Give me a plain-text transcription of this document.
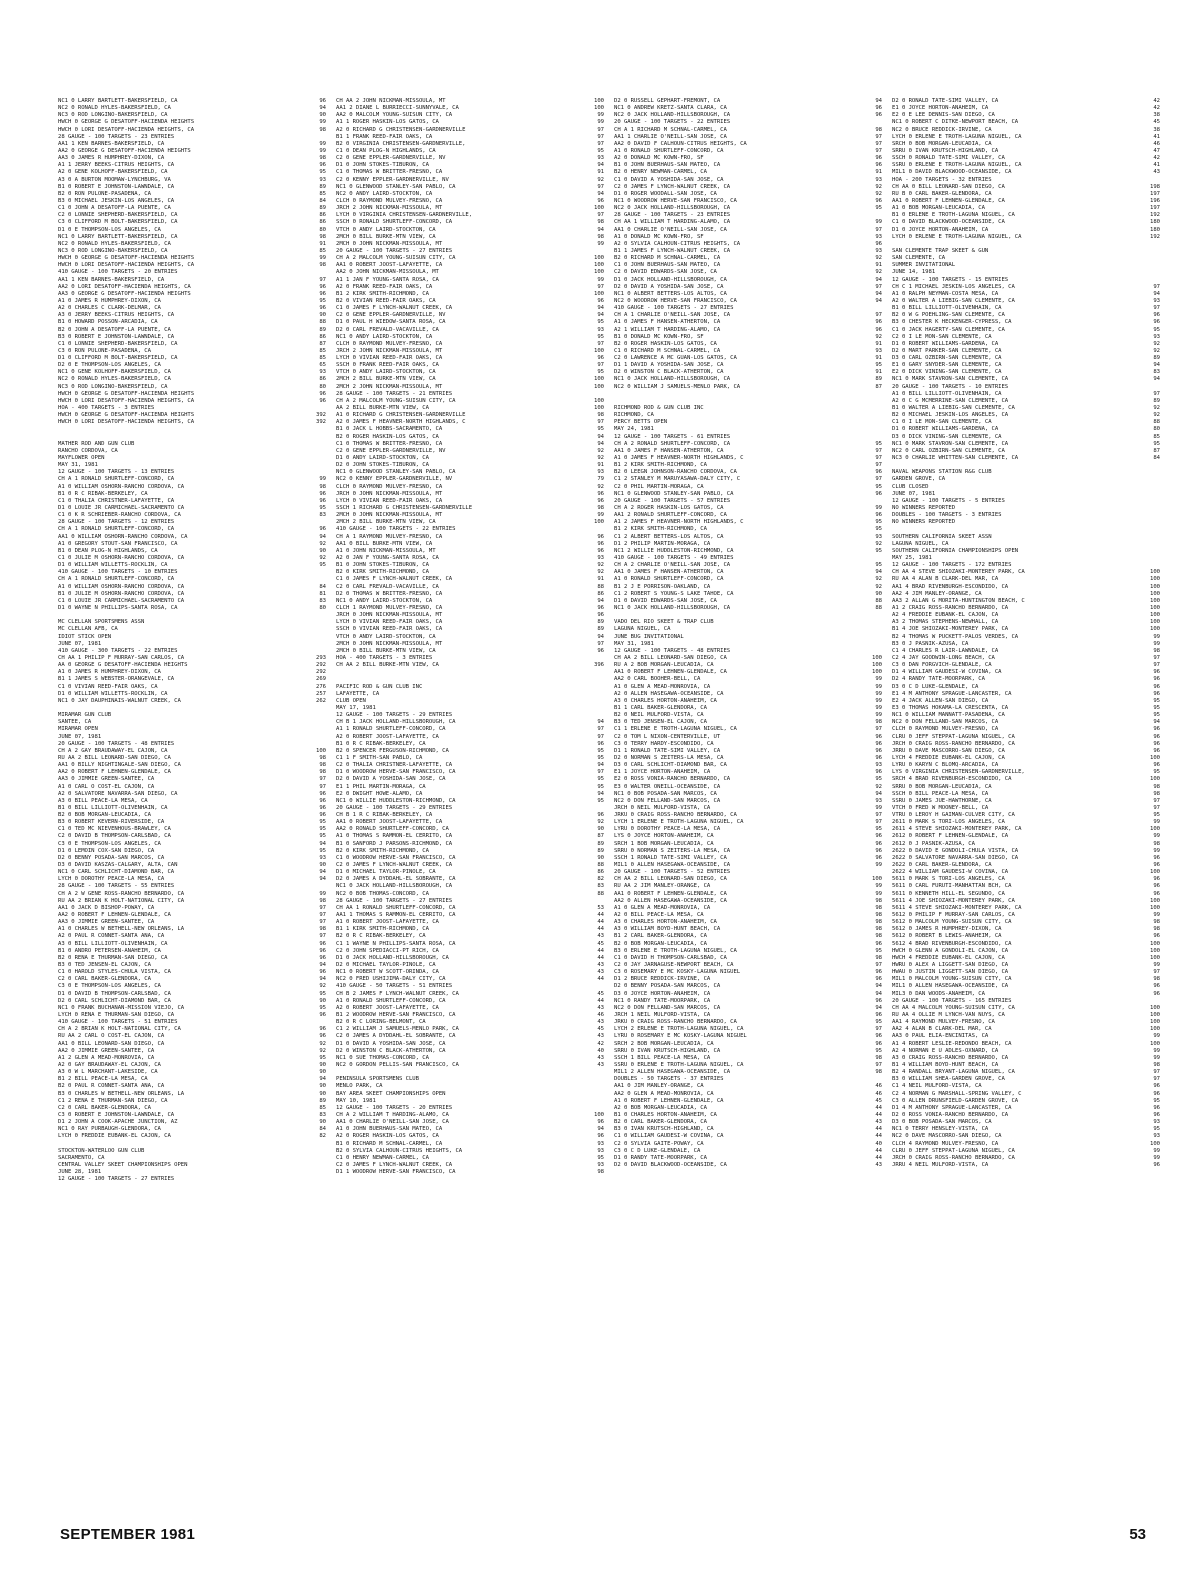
NC1 0 LARRY BARTLETT-BAKERSFIELD, CA	96
NC2 0 RONALD HYLES-BAKERSFIELD, CA	94
NC3 0 ROD LONGINO-BAKERSFIELD, CA	90
HWCH 0 GEORGE G DESATOFF-HACIENDA HEIGHTS	99
HWCH 0 LORI DESATOFF-HACIENDA HEIGHTS, CA	98
28 GAUGE - 100 TARGETS - 23 ENTRIES
AA1 1 KEN BARNES-BAKERSFIELD, CA	99
AA2 0 GEORGE G DESATOFF-HACIENDA HEIGHTS	99
AA3 0 JAMES R HUMPHREY-DIXON, CA	98
A1 1 JERRY BEEKS-CITRUS HEIGHTS, CA	96
A2 0 GENE KOLHOFF-BAKERSFIELD, CA	95
A3 0 A BURTON MOOMAW-LYNCHBURG, VA	93
B1 0 ROBERT E JOHNSTON-LAWNDALE, CA	89
B2 0 RON PULONE-PASADENA, CA	85
B3 0 MICHAEL JESKIN-LOS ANGELES, CA	84
C1 0 JOHN A DESATOFF-LA PUENTE, CA	89
C2 0 LONNIE SHEPHERD-BAKERSFIELD, CA	86
C3 0 CLIFFORD M BOLT-BAKERSFIELD, CA	86
D1 0 E THOMPSON-LOS ANGELES, CA	80
NC1 0 LARRY BARTLETT-BAKERSFIELD, CA	98
NC2 0 RONALD HYLES-BAKERSFIELD, CA	91
NC3 0 ROD LONGINO-BAKERSFIELD, CA	85
HWCH 0 GEORGE G DESATOFF-HACIENDA HEIGHTS	99
HWCH 0 LORI DESATOFF-HACIENDA HEIGHTS, CA	98
410 GAUGE - 100 TARGETS - 20 ENTRIES
AA1 1 KEN BARNES-BAKERSFIELD, CA	97
AA2 0 LORI DESATOFF-HACIENDA HEIGHTS, CA	96
AA3 0 GEORGE G DESATOFF-HACIENDA HEIGHTS	96
A1 0 JAMES R HUMPHREY-DIXON, CA	95
A2 0 CHARLES C CLARK-DELMAR, CA	96
A3 0 JERRY BEEKS-CITRUS HEIGHTS, CA	90
B1 0 HOWARD POSSON-ARCADIA, CA	88
B2 0 JOHN A DESATOFF-LA PUENTE, CA	89
B3 0 ROBERT E JOHNSTON-LAWNDALE, CA	86
C1 0 LONNIE SHEPHERD-BAKERSFIELD, CA	87
C3 0 RON PULONE-PASADENA, CA	85
D1 0 CLIFFORD M BOLT-BAKERSFIELD, CA	85
D2 0 E THOMPSON-LOS ANGELES, CA	65
NC1 0 GENE KOLHOFF-BAKERSFIELD, CA	93
NC2 0 RONALD HYLES-BAKERSFIELD, CA	86
NC3 0 ROD LONGINO-BAKERSFIELD, CA	80
HWCH 0 GEORGE G DESATOFF-HACIENDA HEIGHTS	96
HWCH 0 LORI DESATOFF-HACIENDA HEIGHTS, CA	96
HOA - 400 TARGETS - 3 ENTRIES
HWCH 0 GEORGE G DESATOFF-HACIENDA HEIGHTS	392
HWCH 0 LORI DESATOFF-HACIENDA HEIGHTS, CA	392
MATHER ROD AND GUN CLUB
RANCHO CORDOVA, CA
MAYFLOWER OPEN
MAY 31, 1981
12 GAUGE - 100 TARGETS - 13 ENTRIES
CH A 1 RONALD SHURTLEFF-CONCORD, CA	99
A1 0 WILLIAM OSHORN-RANCHO CORDOVA, CA	98
B1 0 R C RIBAK-BERKELEY, CA	96
C1 0 THALIA CHRISTNER-LAFAYETTE, CA	96
D1 0 LOUIE JR CARMICHAEL-SACRAMENTO CA	95
C1 0 K R SCHRIEBER-RANCHO CORDOVA, CA	83
28 GAUGE - 100 TARGETS - 12 ENTRIES
CH A 1 RONALD SHURTLEFF-CONCORD, CA	96
AA1 0 WILLIAM OSHORN-RANCHO CORDOVA, CA	94
A1 0 GREGORY STOUT-SAN FRANCISCO, CA	92
B1 0 DEAN PLOG-N HIGHLANDS, CA	90
C1 0 JULIE M OSHORN-RANCHO CORDOVA, CA	92
D1 0 WILLIAM WILLETTS-ROCKLIN, CA	95
410 GAUGE - 100 TARGETS - 10 ENTRIES
CH A 1 RONALD SHURTLEFF-CONCORD, CA
A1 0 WILLIAM OSHORN-RANCHO CORDOVA, CA	84
B1 0 JULIE M OSHORN-RANCHO CORDOVA, CA	81
C1 0 LOUIE JR CARMICHAEL-SACRAMENTO CA	83
D1 0 WAYNE N PHILLIPS-SANTA ROSA, CA	80
MC CLELLAN SPORTSMENS ASSN
MC CLELLAN AFB, CA
IDIOT STICK OPEN
JUNE 07, 1981
410 GAUGE - 300 TARGETS - 22 ENTRIES
CH AA 1 PHILIP F MURRAY-SAN CARLOS, CA	293
AA 0 GEORGE G DESATOFF-HACIENDA HEIGHTS	292
A1 0 JAMES R HUMPHREY-DIXON, CA	292
B1 1 JAMES S WEBSTER-ORANGEVALE, CA	269
C1 0 VIVIAN REED-FAIR OAKS, CA	276
D1 0 WILLIAM WILLETTS-ROCKLIN, CA	257
NC1 0 JAY DAUPHINAIS-WALNUT CREEK, CA	262
MIRAMAR GUN CLUB
SANTEE, CA
MIRAMAR OPEN
JUNE 07, 1981
20 GAUGE - 100 TARGETS - 48 ENTRIES
CH A 2 GAY BRAUDAWAY-EL CAJON, CA	100
RU AA 2 BILL LEONARD-SAN DIEGO, CA	98
AA1 0 BILLY NIGHTINGALE-SAN DIEGO, CA	98
AA2 0 ROBERT F LEHNEN-GLENDALE, CA	98
AA3 0 JIMMIE GREEN-SANTEE, CA	97
A1 0 CARL O COST-EL CAJON, CA	97
A2 0 SALVATORE NAVARRA-SAN DIEGO, CA	96
A3 0 BILL PEACE-LA MESA, CA	96
B1 0 BILL LILLIOTT-OLIVENHAIN, CA	96
B2 0 BOB MORGAN-LEUCADIA, CA	96
B3 0 ROBERT KEVERN-RIVERSIDE, CA	95
C1 0 TED MC NIEVENHOUS-BRAWLEY, CA	95
C2 0 DAVID B THOMPSON-CARLSBAD, CA	95
C3 0 E THOMPSON-LOS ANGELES, CA	94
D1 0 LEMOIN COX-SAN DIEGO, CA	95
D2 0 BENNY POSADA-SAN MARCOS, CA	93
D3 0 DAVID KASZAS-CALGARY, ALTA, CAN	90
NC1 0 CARL SCHLICHT-DIAMOND BAR, CA	94
LYCH 0 DOROTHY PEACE-LA MESA, CA	94
28 GAUGE - 100 TARGETS - 55 ENTRIES
CH A 2 W GENE ROSS-RANCHO BERNARDO, CA	99
RU AA 2 BRIAN K HOLT-NATIONAL CITY, CA	98
AA1 0 JACK D BISHOP-POWAY, CA	97
AA2 0 ROBERT F LEHNEN-GLENDALE, CA	97
AA3 0 JIMMIE GREEN-SANTEE, CA	97
A1 0 CHARLES W BETHELL-NEW ORLEANS, LA	98
A2 0 PAUL R CONNET-SANTA ANA, CA	97
A3 0 BILL LILLIOTT-OLIVENHAIN, CA	96
B1 0 ANDRO PETERSEN-ANAHEIM, CA	96
B2 0 RENA E THURMAN-SAN DIEGO, CA	96
B3 0 TED JENSEN-EL CAJON, CA	94
C1 0 HAROLD STYLES-CHULA VISTA, CA	96
C2 0 CARL BAKER-GLENDORA, CA	94
C3 0 E THOMPSON-LOS ANGELES, CA	92
D1 0 DAVID B THOMPSON-CARLSBAD, CA	95
D2 0 CARL SCHLICHT-DIAMOND BAR, CA	90
NC1 0 FRANK BUCHANAN-MISSION VIEJO, CA	95
LYCH 0 RENA E THURMAN-SAN DIEGO, CA	96
410 GAUGE - 100 TARGETS - 51 ENTRIES
CH A 2 BRIAN K HOLT-NATIONAL CITY, CA	96
RU AA 2 CARL O COST-EL CAJON, CA	96
AA1 0 BILL LEONARD-SAN DIEGO, CA	92
AA2 0 JIMMIE GREEN-SANTEE, CA	92
A1 2 GLEN A MEAD-MONROVIA, CA	95
A2 0 GAY BRAUDAWAY-EL CAJON, CA	90
A3 0 W L MARCHANT-LAKESIDE, CA	90
B1 2 BILL PEACE-LA MESA, CA	94
B2 0 PAUL R CONNET-SANTA ANA, CA	90
B3 0 CHARLES W BETHELL-NEW ORLEANS, LA	90
C1 2 RENA E THURMAN-SAN DIEGO, CA	89
C2 0 CARL BAKER-GLENDORA, CA	85
C3 0 ROBERT E JOHNSTON-LAWNDALE, CA	83
D1 2 JOHN A COOK-APACHE JUNCTION, AZ	90
NC1 0 RAY PURBAUGH-GLENDORA, CA	84
LYCH 0 FREDDIE EUBANK-EL CAJON, CA	82
STOCKTON-WATERLOO GUN CLUB
SACRAMENTO, CA
CENTRAL VALLEY SKEET CHAMPIONSHIPS OPEN
JUNE 28, 1981
12 GAUGE - 100 TARGETS - 27 ENTRIES
CH AA 2 JOHN NICKMAN-MISSOULA, MT	100
AA1 2 DIANE L BURRIECCI-SUNNYVALE, CA	100
AA2 0 MALCOLM YOUNG-SUISUN CITY, CA	99
A1 1 ROGER HASKIN-LOS GATOS, CA	99
A2 0 RICHARD G CHRISTENSEN-GARDNERVILLE	97
B1 1 FRANK REED-FAIR OAKS, CA	97
B2 0 VIRGINIA CHRISTENSEN-GARDNERVILLE,	97
C1 0 DEAN PLOG-N HIGHLANDS, CA	95
C2 0 GENE EPPLER-GARDNERVILLE, NV	93
D1 0 JOHN STOKES-TIBURON, CA	94
C1 0 THOMAS W BRITTER-FRESNO, CA	91
C2 0 KENNY EPPLER-GARDNERVILLE, NV	92
NC1 0 GLENWOOD STANLEY-SAN PABLO, CA	97
NC2 0 ANDY LAIRD-STOCKTON, CA	94
CLCH 0 RAYMOND MULVEY-FRESNO, CA	96
JRCH 2 JOHN NICKMAN-MISSOULA, MT	100
LYCH 0 VIRGINIA CHRISTENSEN-GARDNERVILLE,	97
SSCH 0 RONALD SHURTLEFF-CONCORD, CA	98
VTCH 0 ANDY LAIRD-STOCKTON, CA	94
2MCH 0 BILL BURKE-MTN VIEW, CA	98
2MCH 0 JOHN NICKMAN-MISSOULA, MT	99
20 GAUGE - 100 TARGETS - 27 ENTRIES
CH A 2 MALCOLM YOUNG-SUISUN CITY, CA	100
AA1 0 ROBERT JOOST-LAFAYETTE, CA	100
AA2 0 JOHN NICKMAN-MISSOULA, MT	100
A1 1 JAN F YOUNG-SANTA ROSA, CA	99
A2 0 FRANK REED-FAIR OAKS, CA	97
B1 2 KIRK SMITH-RICHMOND, CA	100
B2 0 VIVIAN REED-FAIR OAKS, CA	96
C1 0 JAMES F LYNCH-WALNUT CREEK, CA	94
C2 0 GENE EPPLER-GARDNERVILLE, NV	94
D1 0 PAUL H WIEDOW-SANTA ROSA, CA	95
D2 0 CARL FREVALD-VACAVILLE, CA	93
NC1 0 ANDY LAIRD-STOCKTON, CA	95
CLCH 0 RAYMOND MULVEY-FRESNO, CA	97
JRCH 2 JOHN NICKMAN-MISSOULA, MT	100
LYCH 0 VIVIAN REED-FAIR OAKS, CA	96
SSCH 0 FRANK REED-FAIR OAKS, CA	97
VTCH 0 ANDY LAIRD-STOCKTON, CA	95
2MCH 2 BILL BURKE-MTN VIEW, CA	100
2MCH 2 JOHN NICKMAN-MISSOULA, MT	100
28 GAUGE - 100 TARGETS - 21 ENTRIES
CH A 2 MALCOLM YOUNG-SUISUN CITY, CA	100
AA 2 BILL BURKE-MTN VIEW, CA	100
A1 0 RICHARD G CHRISTENSEN-GARDNERVILLE	98
A2 0 JAMES F HEAVNER-NORTH HIGHLANDS, C	97
B1 0 JACK L HOBBS-SACRAMENTO, CA	95
B2 0 ROGER HASKIN-LOS GATOS, CA	94
C1 0 THOMAS W BRITTER-FRESNO, CA	94
C2 0 GENE EPPLER-GARDNERVILLE, NV	92
D1 0 ANDY LAIRD-STOCKTON, CA	92
D2 0 JOHN STOKES-TIBURON, CA	91
NC1 0 GLENWOOD STANLEY-SAN PABLO, CA	93
NC2 0 KENNY EPPLER-GARDNERVILLE, NV	79
CLCH 0 RAYMOND MULVEY-FRESNO, CA	92
JRCH 0 JOHN NICKMAN-MISSOULA, MT	96
LYCH 0 VIVIAN REED-FAIR OAKS, CA	96
SSCH 1 RICHARD G CHRISTENSEN-GARDNERVILLE	98
2MCH 0 JOHN NICKMAN-MISSOULA, MT	99
2MCH 2 BILL BURKE-MTN VIEW, CA	100
410 GAUGE - 100 TARGETS - 22 ENTRIES
CH A 1 RAYMOND MULVEY-FRESNO, CA	96
AA1 0 BILL BURKE-MTN VIEW, CA	96
A1 0 JOHN NICKMAN-MISSOULA, MT	96
A2 0 JAN F YOUNG-SANTA ROSA, CA	93
B1 0 JOHN STOKES-TIBURON, CA	92
B2 0 KIRK SMITH-RICHMOND, CA	92
C1 0 JAMES F LYNCH-WALNUT CREEK, CA	91
C2 0 CARL FREVALD-VACAVILLE, CA	88
D2 0 THOMAS W BRITTER-FRESNO, CA	86
NC1 0 ANDY LAIRD-STOCKTON, CA	94
CLCH 1 RAYMOND MULVEY-FRESNO, CA	96
JRCH 0 JOHN NICKMAN-MISSOULA, MT	96
LYCH 0 VIVIAN REED-FAIR OAKS, CA	89
SSCH 0 VIVIAN REED-FAIR OAKS, CA	89
VTCH 0 ANDY LAIRD-STOCKTON, CA	94
2MCH 0 JOHN NICKMAN-MISSOULA, MT	97
2MCH 0 BILL BURKE-MTN VIEW, CA	96
HOA - 400 TARGETS - 3 ENTRIES
CH AA 2 BILL BURKE-MTN VIEW, CA	396
PACIFIC ROD & GUN CLUB INC
LAFAYETTE, CA
CLUB OPEN
MAY 17, 1981
12 GAUGE - 100 TARGETS - 29 ENTRIES
CH B 1 JACK HOLLAND-HILLSBOROUGH, CA	94
A1 1 RONALD SHURTLEFF-CONCORD, CA	97
A2 0 ROBERT JOOST-LAFAYETTE, CA	97
B1 0 R C RIBAK-BERKELEY, CA	96
B2 0 SPENCER FERGUSON-RICHMOND, CA	95
C1 1 F SMITH-SAN PABLO, CA	95
C2 0 THALIA CHRISTNER-LAFAYETTE, CA	94
D1 0 WOODROW HERVE-SAN FRANCISCO, CA	97
D2 0 DAVID A YOSHIDA-SAN JOSE, CA	95
E1 1 PHIL MARTIN-MORAGA, CA	95
E2 0 DWIGHT HOWE-ALAMO, CA	94
NC1 0 WILLIE HUDDLESTON-RICHMOND, CA	95
20 GAUGE - 100 TARGETS - 29 ENTRIES
CH B 1 R C RIBAK-BERKELEY, CA	96
AA1 0 ROBERT JOOST-LAFAYETTE, CA	92
AA2 0 RONALD SHURTLEFF-CONCORD, CA	90
A1 0 THOMAS S RAMMON-EL CERRITO, CA	87
B1 0 SANFORD J PARSONS-RICHMOND, CA	89
B2 0 KIRK SMITH-RICHMOND, CA	89
C1 0 WOODROW HERVE-SAN FRANCISCO, CA	90
C2 0 JAMES F LYNCH-WALNUT CREEK, CA	88
D1 0 MICHAEL TAYLOR-PINOLE, CA	86
D2 0 JAMES A DYDDAHL-EL SOBRANTE, CA	82
NC1 0 JACK HOLLAND-HILLSBOROUGH, CA	83
NC2 0 BOB THOMAS-CONCORD, CA	88
28 GAUGE - 100 TARGETS - 27 ENTRIES
CH AA 1 RONALD SHURTLEFF-CONCORD, CA	53
AA1 1 THOMAS S RAMMON-EL CERRITO, CA	44
A1 0 ROBERT JOOST-LAFAYETTE, CA	44
B1 1 KIRK SMITH-RICHMOND, CA	44
B2 0 R C RIBAK-BERKELEY, CA	43
C1 1 WAYNE N PHILLIPS-SANTA ROSA, CA	45
C2 0 JOHN SPEDIACCI-PT RICH, CA	44
D1 0 JACK HOLLAND-HILLSBOROUGH, CA	44
D2 0 MICHAEL TAYLOR-PINOLE, CA	43
NC1 0 ROBERT W SCOTT-ORINDA, CA	43
NC2 0 FRED USHIJIMA-DALY CITY, CA	44
410 GAUGE - 50 TARGETS - 51 ENTRIES
CH B 2 JAMES F LYNCH-WALNUT CREEK, CA	45
A1 0 RONALD SHURTLEFF-CONCORD, CA	44
A2 0 ROBERT JOOST-LAFAYETTE, CA	43
B1 2 WOODROW HERVE-SAN FRANCISCO, CA	46
B2 0 R C LORING-BELMONT, CA	43
C1 2 WILLIAM J SAMUELS-MENLO PARK, CA	45
C2 0 JAMES A DYDDAHL-EL SOBRANTE, CA	43
D1 0 DAVID A YOSHIDA-SAN JOSE, CA	42
D2 0 WINSTON C BLACK-ATHERTON, CA	40
NC1 0 SUE THOMAS-CONCORD, CA	43
NC2 0 GORDON PELLIS-SAN FRANCISCO, CA	43
PENINSULA SPORTSMENS CLUB
MENLO PARK, CA
BAY AREA SKEET CHAMPIONSHIPS OPEN
MAY 10, 1981
12 GAUGE - 100 TARGETS - 20 ENTRIES
CH A 2 WILLIAM T HARDING-ALAMO, CA	100
AA1 0 CHARLIE O'NEILL-SAN JOSE, CA	96
A1 0 JOHN BUERHAUS-SAN MATEO, CA	94
A2 0 ROGER HASKIN-LOS GATOS, CA	96
B1 0 RICHARD M SCHNAL-CARMEL, CA	93
B2 0 SYLVIA CALHOUN-CITRUS HEIGHTS, CA	93
C1 0 HENRY NEWMAN-CARMEL, CA	95
C2 0 JAMES F LYNCH-WALNUT CREEK, CA	93
D1 1 WOODROW HERVE-SAN FRANCISCO, CA	98
D2 0 RUSSELL GEPHART-FREMONT, CA	94
NC1 0 ANDREW KRETZ-SANTA CLARA, CA	96
NC2 0 JACK HOLLAND-HILLSBOROUGH, CA	96
20 GAUGE - 100 TARGETS - 22 ENTRIES
CH A 1 RICHARD M SCHNAL-CARMEL, CA	98
AA1 1 CHARLIE O'NEILL-SAN JOSE, CA	97
AA2 0 DAVID F CALHOUN-CITRUS HEIGHTS, CA	97
A1 0 RONALD SHURTLEFF-CONCORD, CA	97
A2 0 DONALD MC KOWN-FRO, SF	96
B1 0 JOHN BUERHAUS-SAN MATEO, CA	96
B2 0 HENRY NEWMAN-CARMEL, CA	91
C1 0 DAVID A YOSHIDA-SAN JOSE, CA	93
C2 0 JAMES F LYNCH-WALNUT CREEK, CA	92
D1 0 ROGER WOODALL-SAN JOSE, CA	92
NC1 0 WOODROW HERVE-SAN FRANCISCO, CA	96
NC2 0 JACK HOLLAND-HILLSBOROUGH, CA	95
28 GAUGE - 100 TARGETS - 23 ENTRIES
CH AA 1 WILLIAM T HARDING-ALAMO, CA	99
AA1 0 CHARLIE O'NEILL-SAN JOSE, CA	97
A1 0 DONALD MC KOWN-FRO, SF	93
A2 0 SYLVIA CALHOUN-CITRUS HEIGHTS, CA	96
B1 1 JAMES F LYNCH-WALNUT CREEK, CA	93
B2 0 RICHARD M SCHNAL-CARMEL, CA	92
C1 0 JOHN BUERHAUS-SAN MATEO, CA	91
C2 0 DAVID EDWARDS-SAN JOSE, CA	92
D1 0 JACK HOLLAND-HILLSBOROUGH, CA	94
D2 0 DAVID A YOSHIDA-SAN JOSE, CA	97
NC1 0 ALBERT BETTERS-LOS ALTOS, CA	94
NC2 0 WOODROW HERVE-SAN FRANCISCO, CA	94
410 GAUGE - 100 TARGETS - 27 ENTRIES
CH A 1 CHARLIE O'NEILL-SAN JOSE, CA	97
A1 0 JAMES F HANSEN-ATHERTON, CA	96
A2 1 WILLIAM T HARDING-ALAMO, CA	96
B1 0 DONALD MC KOWN-FRO, SF	92
B2 0 ROGER HASKIN-LOS GATOS, CA	91
C1 0 RICHARD M SCHNAL-CARMEL, CA	93
C2 0 LAWRENCE A MC GUAN-LOS GATOS, CA	91
D1 1 DAVID A YOSHIDA-SAN JOSE, CA	95
D2 0 WINSTON C BLACK-ATHERTON, CA	91
NC1 0 JACK HOLLAND-HILLSBOROUGH, CA	89
NC2 0 WILLIAM J SAMUELS-MENLO PARK, CA	87
RICHMOND ROD & GUN CLUB INC
RICHMOND, CA
PERCY BETTS OPEN
MAY 24, 1981
12 GAUGE - 100 TARGETS - 61 ENTRIES
CH A 2 RONALD SHURTLEFF-CONCORD, CA	95
AA1 0 JAMES F HANSEN-ATHERTON, CA	97
A1 0 JAMES F HEAVNER-NORTH HIGHLANDS, C	97
B1 2 KIRK SMITH-RICHMOND, CA	97
B2 0 LEEGN JOHNSON-RANCHO CORDOVA, CA	96
C1 2 STANLEY M MARUYASAWA-DALY CITY, C	97
C2 0 PHIL MARTIN-MORAGA, CA	95
NC1 0 GLENWOOD STANLEY-SAN PABLO, CA	96
20 GAUGE - 100 TARGETS - 57 ENTRIES
CH A 2 ROGER HASKIN-LOS GATOS, CA	99
AA1 2 RONALD SHURTLEFF-CONCORD, CA	96
A1 2 JAMES F HEAVNER-NORTH HIGHLANDS, C	95
B1 2 KIRK SMITH-RICHMOND, CA	95
C1 2 ALBERT BETTERS-LOS ALTOS, CA	93
D1 2 PHILIP MARTIN-MORAGA, CA	92
NC1 2 WILLIE HUDDLESTON-RICHMOND, CA	95
410 GAUGE - 100 TARGETS - 49 ENTRIES
CH A 2 CHARLIE O'NEILL-SAN JOSE, CA	95
AA1 0 JAMES F HANSEN-ATHERTON, CA	94
A1 0 RONALD SHURTLEFF-CONCORD, CA	92
B1 2 J E PORRISON-OAKLAND, CA	92
C1 2 ROBERT S YOUNG-S LAKE TAHOE, CA	90
D1 0 DAVID EDWARDS-SAN JOSE, CA	88
NC1 0 JACK HOLLAND-HILLSBOROUGH, CA	88
VADO DEL RIO SKEET & TRAP CLUB
LAGUNA NIGUEL, CA
JUNE BUG INVITATIONAL
MAY 31, 1981
12 GAUGE - 100 TARGETS - 48 ENTRIES
CH AA 2 BILL LEONARD-SAN DIEGO, CA	100
RU A 2 BOB MORGAN-LEUCADIA, CA	100
AA1 0 ROBERT F LEHNEN-GLENDALE, CA	100
AA2 0 CARL BOOHER-BELL, CA	99
A1 0 GLEN A MEAD-MONROVIA, CA	99
A2 0 ALLEN HASEGAWA-OCEANSIDE, CA	99
A3 0 CHARLES HORTON-ANAHEIM, CA	99
B1 1 CARL BAKER-GLENDORA, CA	99
B2 0 NEIL MULFORD-VISTA, CA	99
B3 0 TED JENSEN-EL CAJON, CA	98
C1 1 ERLENE E TROTH-LAGUNA NIGUEL, CA	97
C2 0 TOM L NIXON-CENTERVILLE, UT	96
C3 0 TERRY HARDY-ESCONDIDO, CA	96
D1 1 RONALD TATE-SIMI VALLEY, CA	96
D2 0 NORMAN S ZEITERS-LA MESA, CA	96
D3 0 CARL SCHLICHT-DIAMOND BAR, CA	93
E1 1 JOYCE HORTON-ANAHEIM, CA	96
E2 0 ROSS VONIA-RANCHO BERNARDO, CA	95
E3 0 WALTER ONEILL-OCEANSIDE, CA	92
NC1 0 BOB POSADA-SAN MARCOS, CA	94
NC2 0 DON FELLAND-SAN MARCOS, CA	93
JRCH 0 NEIL MULFORD-VISTA, CA	99
JRKU 0 CRAIG ROSS-RANCHO BERNARDO, CA	97
LYCH 1 ERLENE E TROTH-LAGUNA NIGUEL, CA	97
LYRU 0 DOROTHY PEACE-LA MESA, CA	95
LYS 0 JOYCE HORTON-ANAHEIM, CA	96
SRCH 1 BOB MORGAN-LEUCADIA, CA	96
SRRU 0 NORMAN S ZEITERS-LA MESA, CA	96
SSCH 1 RONALD TATE-SIMI VALLEY, CA	96
MIL1 0 ALLEN HASEGAWA-OCEANSIDE, CA	99
20 GAUGE - 100 TARGETS - 52 ENTRIES
CH AA 2 BILL LEONARD-SAN DIEGO, CA	100
RU AA 2 JIM MANLEY-ORANGE, CA	99
AA1 0 ROBERT F LEHNEN-GLENDALE, CA	99
AA2 0 ALLEN HASEGAWA-OCEANSIDE, CA	98
A1 0 GLEN A MEAD-MONROVIA, CA	98
A2 0 BILL PEACE-LA MESA, CA	98
A3 0 CHARLES HORTON-ANAHEIM, CA	98
A3 0 WILLIAM BOYD-HUNT BEACH, CA	98
B1 2 CARL BAKER-GLENDORA, CA	98
B2 0 BOB MORGAN-LEUCADIA, CA	96
B3 0 ERLENE E TROTH-LAGUNA NIGUEL, CA	95
C1 0 DAVID H THOMPSON-CARLSBAD, CA	98
C2 0 JAY JARNAGUSE-NEWPORT BEACH, CA	97
C3 0 ROSEMARY E MC KOSKY-LAGUNA NIGUEL	96
D1 2 BRUCE REDDICK-IRVINE, CA	96
D2 0 BENNY POSADA-SAN MARCOS, CA	94
D3 0 JOYCE HORTON-ANAHEIM, CA	94
NC1 0 RANDY TATE-MOORPARK, CA	96
NC2 0 DON FELLAND-SAN MARCOS, CA	94
JRCH 1 NEIL MULFORD-VISTA, CA	96
JRKU 0 CRAIG ROSS-RANCHO BERNARDO, CA	95
LYCH 2 ERLENE E TROTH-LAGUNA NIGUEL, CA	97
LYRU 0 ROSEMARY E MC KOSKY-LAGUNA NIGUEL	96
SRCH 2 BOB MORGAN-LEUCADIA, CA	96
SRRU 0 IVAN KRUTSCH-HIGHLAND, CA	95
SSCH 1 BILL PEACE-LA MESA, CA	98
SSRU 0 ERLENE E TROTH-LAGUNA NIGUEL, CA	97
MIL1 2 ALLEN HASEGAWA-OCEANSIDE, CA	98
DOUBLES - 50 TARGETS - 37 ENTRIES
AA1 0 JIM MANLEY-ORANGE, CA	46
AA2 0 GLEN A MEAD-MONROVIA, CA	46
A1 0 ROBERT F LEHNEN-GLENDALE, CA	45
A2 0 BOB MORGAN-LEUCADIA, CA	44
B1 0 CHARLES HORTON-ANAHEIM, CA	44
B2 0 CARL BAKER-GLENDORA, CA	43
B3 0 IVAN KRUTSCH-HIGHLAND, CA	44
C1 0 WILLIAM GAUDESI-W COVINA, CA	44
C2 0 SYLVIA GAITE-POWAY, CA	40
C3 0 C D LUKE-GLENDALE, CA	44
D1 0 RANDY TATE-MOORPARK, CA	44
D2 0 DAVID BLACKWOOD-OCEANSIDE, CA	43
D2 0 RONALD TATE-SIMI VALLEY, CA	42
E1 0 JOYCE HORTON-ANAHEIM, CA	42
E2 0 E LEE DENNIS-SAN DIEGO, CA	38
NC1 0 ROBERT C DITKE-NEWPORT BEACH, CA	45
NC2 0 BRUCE REDDICK-IRVINE, CA	38
LYCH 0 ERLENE E TROTH-LAGUNA NIGUEL, CA	41
SRCH 0 BOB MORGAN-LEUCADIA, CA	46
SRRU 0 IVAN KRUTSCH-HIGHLAND, CA	47
SSCH 0 RONALD TATE-SIMI VALLEY, CA	42
SSRU 0 ERLENE E TROTH-LAGUNA NIGUEL, CA	41
MIL1 0 DAVID BLACKWOOD-OCEANSIDE, CA	43
HOA - 200 TARGETS - 32 ENTRIES
CH AA 0 BILL LEONARD-SAN DIEGO, CA	198
RU B 0 CARL BAKER-GLENDORA, CA	197
AA1 0 ROBERT F LEHNEN-GLENDALE, CA	196
A1 0 BOB MORGAN-LEUCADIA, CA	197
B1 0 ERLENE E TROTH-LAGUNA NIGUEL, CA	192
C1 0 DAVID BLACKWOOD-OCEANSIDE, CA	180
D1 0 JOYCE HORTON-ANAHEIM, CA	180
LYCH 0 ERLENE E TROTH-LAGUNA NIGUEL, CA	192
SAN CLEMENTE TRAP SKEET & GUN
SAN CLEMENTE, CA
SUMMER INVITATIONAL
JUNE 14, 1981
12 GAUGE - 100 TARGETS - 15 ENTRIES
CH C 1 MICHAEL JESKIN-LOS ANGELES, CA	97
A1 0 RALPH NEYMAN-COSTA MESA, CA	94
A2 0 WALTER A LIEBIG-SAN CLEMENTE, CA	93
B1 0 BILL LILLIOTT-OLIVENHAIN, CA	97
B2 0 W G POEHLING-SAN CLEMENTE, CA	96
B3 0 CHESTER K HECKENGER-CYPRESS, CA	96
C1 0 JACK HAGERTY-SAN CLEMENTE, CA	95
C2 0 I LE MON-SAN CLEMENTE, CA	93
D1 0 ROBERT WILLIAMS-GARDENA, CA	92
D2 0 MART PARKER-SAN CLEMENTE, CA	92
D3 0 CARL OZBIRN-SAN CLEMENTE, CA	89
E1 0 GARY SNYDER-SAN CLEMENTE, CA	94
E2 0 DICK VINING-SAN CLEMENTE, CA	83
NC1 0 MARK STAVRON-SAN CLEMENTE, CA	94
20 GAUGE - 100 TARGETS - 10 ENTRIES
A1 0 BILL LILLIOTT-OLIVENHAIN, CA	97
A2 0 C G MCMERRINE-SAN CLEMENTE, CA	89
B1 0 WALTER A LIEBIG-SAN CLEMENTE, CA	92
B2 0 MICHAEL JESKIN-LOS ANGELES, CA	92
C1 0 I LE MON-SAN CLEMENTE, CA	88
D1 0 ROBERT WILLIAMS-GARDENA, CA	80
D3 0 DICK VINING-SAN CLEMENTE, CA	85
NC1 0 MARK STAVRON-SAN CLEMENTE, CA	95
NC2 0 CARL OZBIRN-SAN CLEMENTE, CA	87
NC3 0 CHARLIE WHITTEN-SAN CLEMENTE, CA	84
NAVAL WEAPONS STATION R&G CLUB
GARDEN GROVE, CA
CLUB CLOSED
JUNE 07, 1981
12 GAUGE - 100 TARGETS - 5 ENTRIES
NO WINNERS REPORTED
DOUBLES - 100 TARGETS - 3 ENTRIES
NO WINNERS REPORTED
SOUTHERN CALIFORNIA SKEET ASSN
LAGUNA NIGUEL, CA
SOUTHERN CALIFORNIA CHAMPIONSHIPS OPEN
MAY 25, 1981
12 GAUGE - 100 TARGETS - 172 ENTRIES
CH AA 4 STEVE SHIOZAKI-MONTEREY PARK, CA	100
RU AA 4 ALAN B CLARK-DEL MAR, CA	100
AA1 4 BRAD RIVENBURGH-ESCONDIDO, CA	100
AA2 4 JIM MANLEY-ORANGE, CA	100
AA3 2 ALLAN G MORITA-HUNTINGTON BEACH, C	100
A1 2 CRAIG ROSS-RANCHO BERNARDO, CA	100
A2 4 FREDDIE EUBANK-EL CAJON, CA	100
A3 2 THOMAS STEPHENS-NEWHALL, CA	100
B1 4 JOE SHIOZAKI-MONTEREY PARK, CA	100
B2 4 THOMAS W PUCKETT-PALOS VERDES, CA	99
B3 0 J PASNIK-AZUSA, CA	99
C1 4 CHARLES R LAIR-LAWNDALE, CA	98
C2 4 JAY GOODWIN-LONG BEACH, CA	97
C3 0 DAN FORGVICH-GLENDALE, CA	97
D1 4 WILLIAM GAUDESI-W COVINA, CA	96
D2 4 RANDY TATE-MOORPARK, CA	96
D3 0 C D LUKE-GLENDALE, CA	96
E1 4 M ANTHONY SPRAGUE-LANCASTER, CA	96
E2 4 JACK ALLEN-SAN DIEGO, CA	95
E3 0 THOMAS HOKAMA-LA CRESCENTA, CA	95
NC1 0 WILLIAM MANNATT-PASADENA, CA	95
NC2 0 DON FELLAND-SAN MARCOS, CA	94
CLCH 0 RAYMOND MULVEY-FRESNO, CA	96
CLRU 0 JEFF STEPPAT-LAGUNA NIGUEL, CA	96
JRCH 0 CRAIG ROSS-RANCHO BERNARDO, CA	96
JRRU 0 DAVE MASCORRO-SAN DIEGO, CA	96
LYCH 4 FREDDIE EUBANK-EL CAJON, CA	100
LYRU 0 KARYN C BLOMQ-ARCADIA, CA	96
LYS 0 VIRGINIA CHRISTENSEN-GARDNERVILLE,	95
SRCH 4 BRAD RIVENBURGH-ESCONDIDO, CA	100
SRRU 0 BOB MORGAN-LEUCADIA, CA	98
SSCH 0 BILL PEACE-LA MESA, CA	98
SSRU 0 JAMES JUE-HAWTHORNE, CA	97
VTCH 0 FRED W MOONEY-BELL, CA	97
VTRU 0 LEROY H GAIMAN-CULVER CITY, CA	95
2611 0 MARK S TORI-LOS ANGELES, CA	99
2611 4 STEVE SHIOZAKI-MONTEREY PARK, CA	100
2612 0 ROBERT F LEHNEN-GLENDALE, CA	99
2612 0 J PASNIK-AZUSA, CA	98
2622 0 DAVID E GONDOLI-CHULA VISTA, CA	99
2622 0 SALVATORE NAVARRA-SAN DIEGO, CA	96
2622 0 CARL BAKER-GLENDORA, CA	96
2622 4 WILLIAM GAUDESI-W COVINA, CA	100
5611 0 MARK S TORI-LOS ANGELES, CA	96
5611 0 CARL FURUTI-MANHATTAN BCH, CA	96
5611 0 KENNETH HILL-EL SEGUNDO, CA	96
5611 4 JOE SHIOZAKI-MONTEREY PARK, CA	100
5611 4 STEVE SHIOZAKI-MONTEREY PARK, CA	100
5612 0 PHILIP F MURRAY-SAN CARLOS, CA	99
5612 0 MALCOLM YOUNG-SUISUN CITY, CA	98
5612 0 JAMES R HUMPHREY-DIXON, CA	98
5612 0 ROBERT B LEWIS-ANAHEIM, CA	96
5612 4 BRAD RIVENBURGH-ESCONDIDO, CA	100
HWCH 0 GLENN A GONDOLI-EL CAJON, CA	100
HWCH 4 FREDDIE EUBANK-EL CAJON, CA	100
HWRU 0 ALEX A LIGGETT-SAN DIEGO, CA	99
HWAU 0 JUSTIN LIGGETT-SAN DIEGO, CA	97
MIL1 0 MALCOLM YOUNG-SUISUN CITY, CA	98
MIL1 0 ALLEN HASEGAWA-OCEANSIDE, CA	96
MIL3 0 DAN WOODS-ANAHEIM, CA	96
20 GAUGE - 100 TARGETS - 165 ENTRIES
CH AA 4 MALCOLM YOUNG-SUISUN CITY, CA	100
RU AA 4 OLLIE M LYNCH-VAN NUYS, CA	100
AA1 4 RAYMOND MULVEY-FRESNO, CA	100
AA2 4 ALAN B CLARK-DEL MAR, CA	100
AA3 0 PAUL ELIA-ENCINITAS, CA	99
A1 4 ROBERT LESLIE-REDONDO BEACH, CA	100
A2 4 NORMAN E U ADLES-OXNARD, CA	99
A3 0 CRAIG ROSS-RANCHO BERNARDO, CA	99
B1 4 WILLIAM BOYD-HUNT BEACH, CA	98
B2 4 RANDALL BRYANT-LAGUNA NIGUEL, CA	97
B3 0 WILLIAM SHEA-GARDEN GROVE, CA	97
C1 4 NEIL MULFORD-VISTA, CA	96
C2 4 NORMAN G MARSHALL-SPRING VALLEY, C	96
C3 0 ALLEN DRUNSFIELD-GARDEN GROVE, CA	95
D1 4 M ANTHONY SPRAGUE-LANCASTER, CA	96
D2 0 ROSS VONIA-RANCHO BERNARDO, CA	96
D3 0 BOB POSADA-SAN MARCOS, CA	93
NC1 0 TERRY HENSLEY-VISTA, CA	95
NC2 0 DAVE MASCORRO-SAN DIEGO, CA	93
CLCH 4 RAYMOND MULVEY-FRESNO, CA	100
CLRU 0 JEFF STEPPAT-LAGUNA NIGUEL, CA	99
JRCH 0 CRAIG ROSS-RANCHO BERNARDO, CA	99
JRRU 4 NEIL MULFORD-VISTA, CA	96
SEPTEMBER 1981	53
